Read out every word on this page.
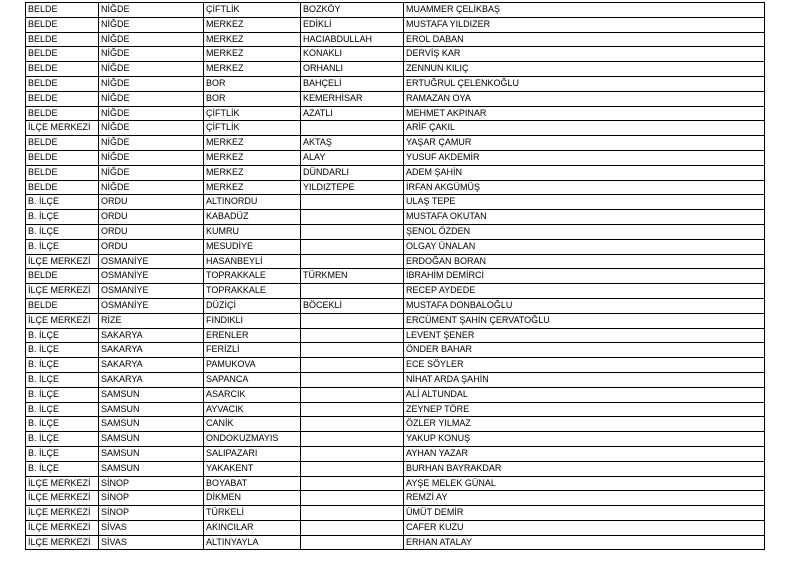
BELDE	NİĞDE	ÇİFTLİK	BOZKÖY	MUAMMER ÇELİKBAŞ
BELDE	NİĞDE	MERKEZ	EDİKLİ	MUSTAFA YILDIZER
BELDE	NİĞDE	MERKEZ	HACIABDULLAH	EROL DABAN
BELDE	NİĞDE	MERKEZ	KONAKLI	DERVİŞ KAR
BELDE	NİĞDE	MERKEZ	ORHANLI	ZENNUN KILIÇ
BELDE	NİĞDE	BOR	BAHÇELİ	ERTUĞRUL ÇELENKOĞLU
BELDE	NİĞDE	BOR	KEMERHİSAR	RAMAZAN OYA
BELDE	NİĞDE	ÇİFTLİK	AZATLI	MEHMET AKPINAR
İLÇE MERKEZİ	NİĞDE	ÇİFTLİK		ARİF ÇAKIL
BELDE	NİĞDE	MERKEZ	AKTAŞ	YAŞAR ÇAMUR
BELDE	NİĞDE	MERKEZ	ALAY	YUSUF AKDEMİR
BELDE	NİĞDE	MERKEZ	DÜNDARLI	ADEM ŞAHİN
BELDE	NİĞDE	MERKEZ	YILDIZTEPE	İRFAN AKGÜMÜŞ
B. İLÇE	ORDU	ALTINORDU		ULAŞ TEPE
B. İLÇE	ORDU	KABADÜZ		MUSTAFA OKUTAN
B. İLÇE	ORDU	KUMRU		ŞENOL ÖZDEN
B. İLÇE	ORDU	MESUDİYE		OLGAY ÜNALAN
İLÇE MERKEZİ	OSMANİYE	HASANBEYLİ		ERDOĞAN BORAN
BELDE	OSMANİYE	TOPRAKKALE	TÜRKMEN	İBRAHİM DEMİRCİ
İLÇE MERKEZİ	OSMANİYE	TOPRAKKALE		RECEP AYDEDE
BELDE	OSMANİYE	DÜZİÇİ	BÖCEKLİ	MUSTAFA DONBALOĞLU
İLÇE MERKEZİ	RİZE	FINDIKLI		ERCÜMENT ŞAHİN ÇERVATOĞLU
B. İLÇE	SAKARYA	ERENLER		LEVENT ŞENER
B. İLÇE	SAKARYA	FERİZLİ		ÖNDER BAHAR
B. İLÇE	SAKARYA	PAMUKOVA		ECE SÖYLER
B. İLÇE	SAKARYA	SAPANCA		NİHAT ARDA ŞAHİN
B. İLÇE	SAMSUN	ASARCIK		ALİ ALTUNDAL
B. İLÇE	SAMSUN	AYVACIK		ZEYNEP TÖRE
B. İLÇE	SAMSUN	CANİK		ÖZLER YILMAZ
B. İLÇE	SAMSUN	ONDOKUZMAYIS		YAKUP KONUŞ
B. İLÇE	SAMSUN	SALIPAZARI		AYHAN YAZAR
B. İLÇE	SAMSUN	YAKAKENT		BURHAN BAYRAKDAR
İLÇE MERKEZİ	SİNOP	BOYABAT		AYŞE MELEK GÜNAL
İLÇE MERKEZİ	SİNOP	DİKMEN		REMZİ AY
İLÇE MERKEZİ	SİNOP	TÜRKELİ		ÜMÜT DEMİR
İLÇE MERKEZİ	SİVAS	AKINCILAR		CAFER KUZU
İLÇE MERKEZİ	SİVAS	ALTINYAYLA		ERHAN ATALAY
